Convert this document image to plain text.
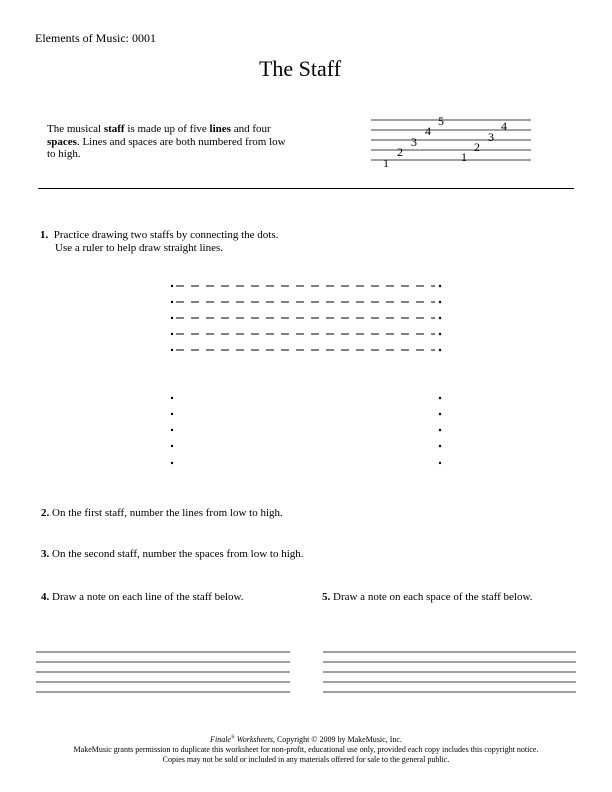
Elements of Music: 0001
The Staff
The musical staff is made up of five lines and four spaces. Lines and spaces are both numbered from low to high.
1
2
3
4
5
1
2
3
4
1. Practice drawing two staffs by connecting the dots.
Use a ruler to help draw straight lines.
2. On the first staff, number the lines from low to high.
3. On the second staff, number the spaces from low to high.
4. Draw a note on each line of the staff below.	5. Draw a note on each space of the staff below.
Finale® Worksheets, Copyright © 2009 by MakeMusic, Inc.
MakeMusic grants permission to duplicate this worksheet for non-profit, educational use only, provided each copy includes this copyright notice.
Copies may not be sold or included in any materials offered for sale to the general public.
